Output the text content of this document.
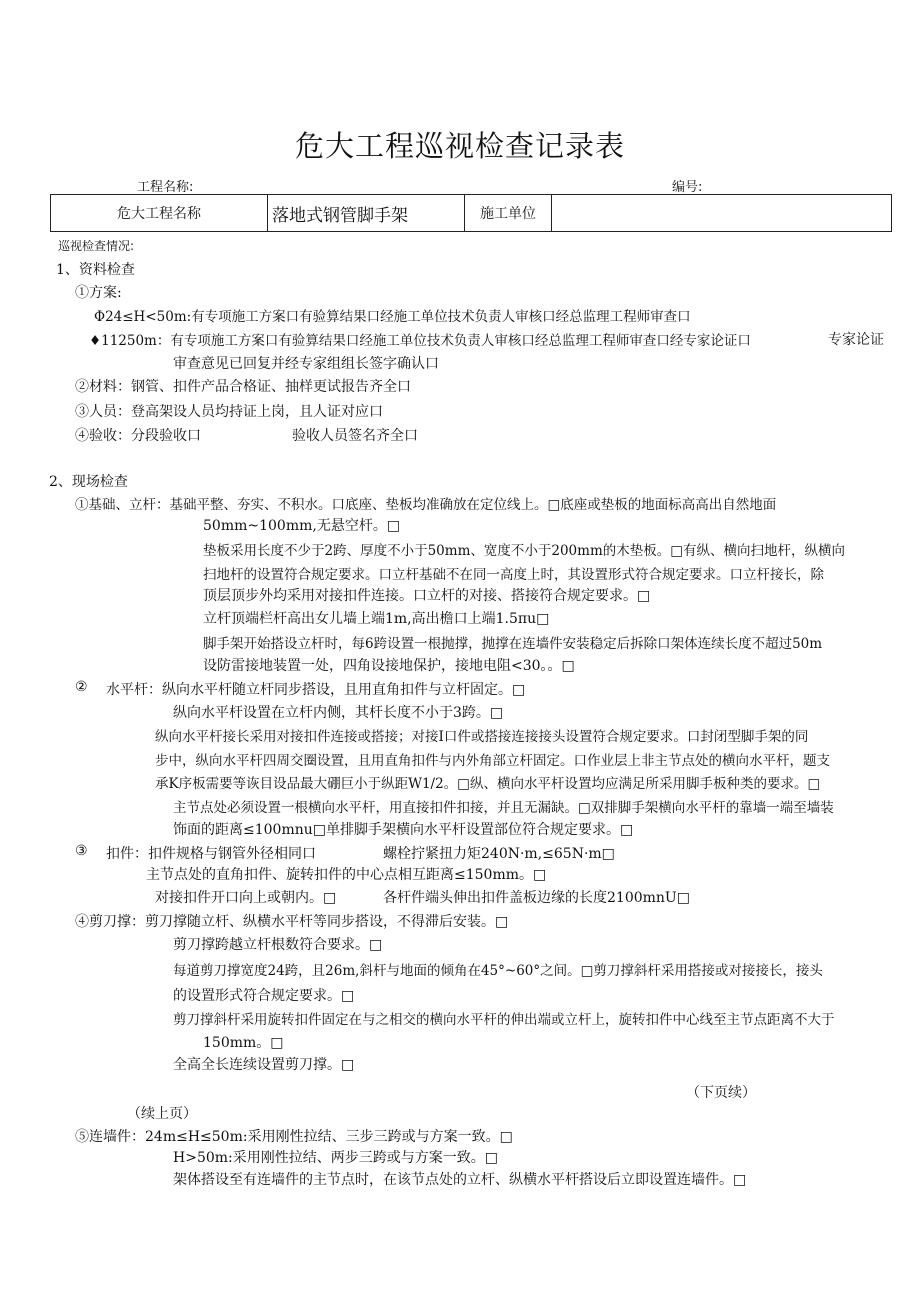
危大工程巡视检查记录表
工程名称:	编号:
危大工程名称	落地式钢管脚手架	施工单位	
巡视检查情况:
1、资料检查
①方案:
Φ24≤H<50m:有专项施工方案口有验算结果口经施工单位技术负责人审核口经总监理工程师审查口
♦11250m：有专项施工方案口有验算结果口经施工单位技术负责人审核口经总监理工程师审查口经专家论证口	专家论证
审查意见已回复并经专家组组长签字确认口
②材料：钢管、扣件产品合格证、抽样更试报告齐全口
③人员：登高架设人员均持证上岗，且人证对应口
④验收：分段验收口	验收人员签名齐全口
2、现场检查
①基础、立杆：基础平整、夯实、不积水。口底座、垫板均准确放在定位线上。□底座或垫板的地面标高高出自然地面
50mm~100mm,无悬空杆。□
垫板采用长度不少于2跨、厚度不小于50mm、宽度不小于200mm的木垫板。□有纵、横向扫地杆，纵横向
扫地杆的设置符合规定要求。口立杆基础不在同一高度上时，其设置形式符合规定要求。口立杆接长，除
顶层顶步外均采用对接扣件连接。口立杆的对接、搭接符合规定要求。□
立杆顶端栏杆高出女儿墙上端1m,高出檐口上端1.5πu□
脚手架开始搭设立杆时，每6跨设置一根抛撑，抛撑在连墙件安装稳定后拆除口架体连续长度不超过50m
设防雷接地装置一处，四角设接地保护，接地电阻<30。。□
② 水平杆：纵向水平杆随立杆同步搭设，且用直角扣件与立杆固定。□
纵向水平杆设置在立杆内侧，其杆长度不小于3跨。□
纵向水平杆接长采用对接扣件连接或搭接；对接Ⅰ口件或搭接连接接头设置符合规定要求。口封闭型脚手架的同
步中，纵向水平杆四周交圈设置，且用直角扣件与内外角部立杆固定。口作业层上非主节点处的横向水平杆，题支
承K序板需要等诙目设品最大硼巨小于纵距W1/2。□纵、横向水平杆设置均应满足所采用脚手板种类的要求。□
主节点处必须设置一根横向水平杆，用直接扣件扣接，并且无漏缺。□双排脚手架横向水平杆的靠墙一端至墙装
饰面的距离≤100mnu□单排脚手架横向水平杆设置部位符合规定要求。□
③ 扣件：扣件规格与钢管外径相同口	螺栓拧紧扭力矩240N·m,≤65N·m□
主节点处的直角扣件、旋转扣件的中心点相互距离≤150mm。□
对接扣件开口向上或朝内。□	各杆件端头伸出扣件盖板边缘的长度2100mnU□
④剪刀撑：剪刀撑随立杆、纵横水平杆等同步搭设，不得滞后安装。□
剪刀撑跨越立杆根数符合要求。□
每道剪刀撑宽度24跨，且26m,斜杆与地面的倾角在45°~60°之间。□剪刀撑斜杆采用搭接或对接接长，接头
的设置形式符合规定要求。□
剪刀撑斜杆采用旋转扣件固定在与之相交的横向水平杆的伸出端或立杆上，旋转扣件中心线至主节点距离不大于
150mm。□
全高全长连续设置剪刀撑。□
（下页续）
（续上页）
⑤连墙件：24m≤H≤50m:采用刚性拉结、三步三跨或与方案一致。□
H>50m:采用刚性拉结、两步三跨或与方案一致。□
架体搭设至有连墙件的主节点时，在该节点处的立杆、纵横水平杆搭设后立即设置连墙件。□
